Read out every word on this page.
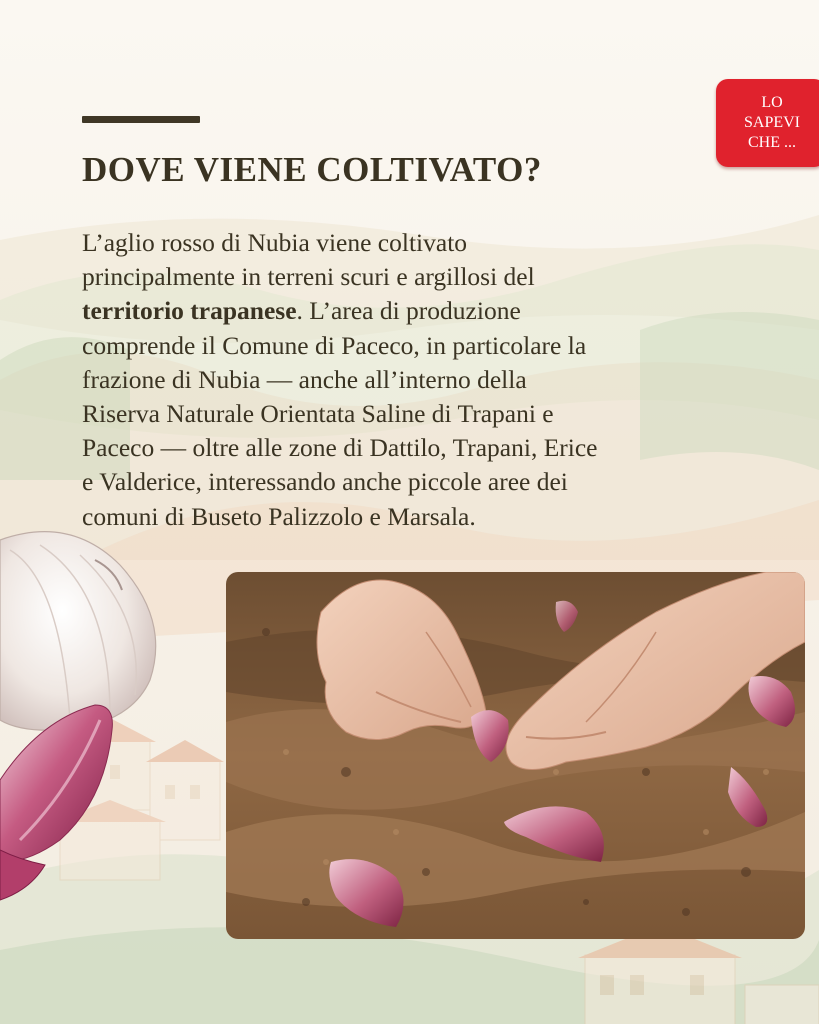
DOVE VIENE COLTIVATO?
LO
SAPEVI
CHE ...
L’aglio rosso di Nubia viene coltivato
principalmente in terreni scuri e argillosi del
territorio trapanese. L’area di produzione
comprende il Comune di Paceco, in particolare la
frazione di Nubia — anche all’interno della
Riserva Naturale Orientata Saline di Trapani e
Paceco — oltre alle zone di Dattilo, Trapani, Erice
e Valderice, interessando anche piccole aree dei
comuni di Buseto Palizzolo e Marsala.
